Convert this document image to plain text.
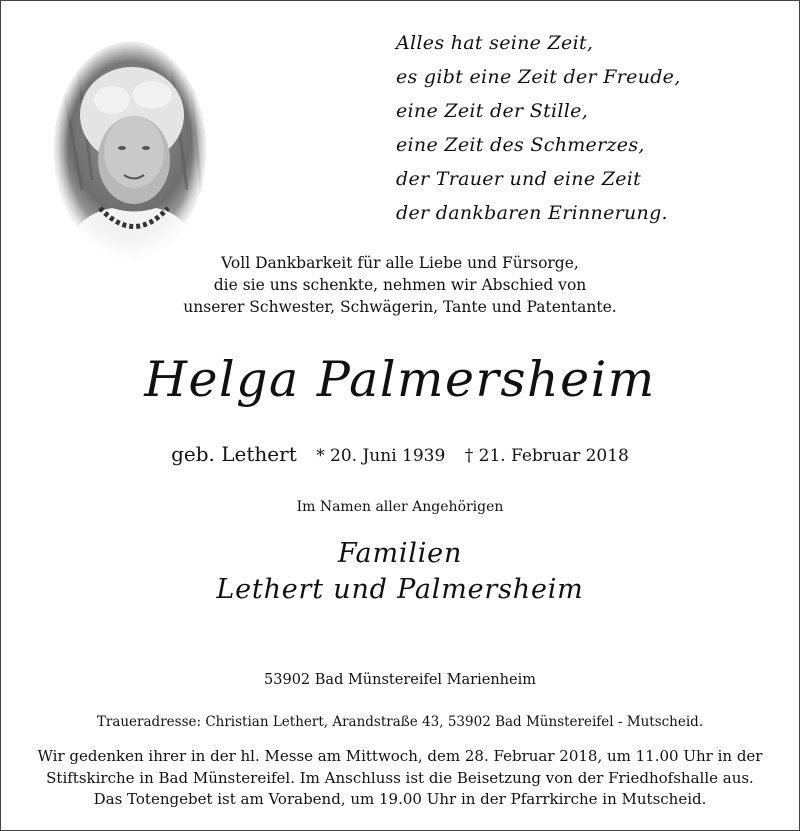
Alles hat seine Zeit,
es gibt eine Zeit der Freude,
eine Zeit der Stille,
eine Zeit des Schmerzes,
der Trauer und eine Zeit
der dankbaren Erinnerung.
Voll Dankbarkeit für alle Liebe und Fürsorge,
die sie uns schenkte, nehmen wir Abschied von
unserer Schwester, Schwägerin, Tante und Patentante.
Helga Palmersheim
geb. Lethert * 20. Juni 1939 † 21. Februar 2018
Im Namen aller Angehörigen
Familien
Lethert und Palmersheim
53902 Bad Münstereifel Marienheim
Traueradresse: Christian Lethert, Arandstraße 43, 53902 Bad Münstereifel - Mutscheid.
Wir gedenken ihrer in der hl. Messe am Mittwoch, dem 28. Februar 2018, um 11.00 Uhr in der
Stiftskirche in Bad Münstereifel. Im Anschluss ist die Beisetzung von der Friedhofshalle aus.
Das Totengebet ist am Vorabend, um 19.00 Uhr in der Pfarrkirche in Mutscheid.
